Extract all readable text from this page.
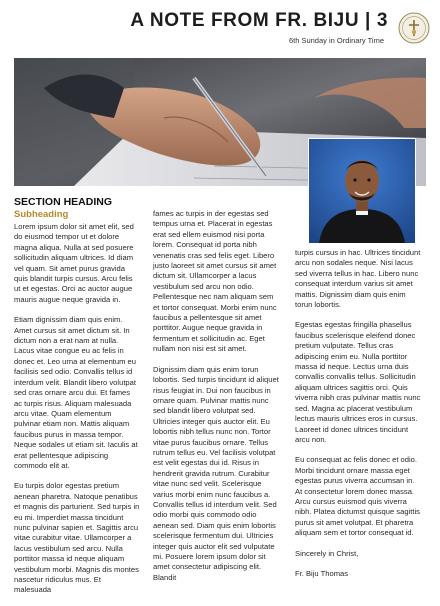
A NOTE FROM FR. BIJU | 3
6th Sunday in Ordinary Time
SECTION HEADING
Subheading

Lorem ipsum dolor sit amet elit, sed do eiusmod tempor ut et dolore magna aliqua. Nulla at sed posuere sollicitudin aliquam ultrices. Id diam vel quam. Sit amet purus gravida quis blandit turpis cursus. Arcu felis ut et egestas. Orci ac auctor augue mauris augue neque gravida in.

Etiam dignissim diam quis enim. Amet cursus sit amet dictum sit. In dictum non a erat nam at nulla. Lacus vitae congue eu ac felis in donec et. Leo urna at elementum eu facilisis sed odio. Convallis tellus id interdum velit. Blandit libero volutpat sed cras ornare arcu dui. Et fames ac turpis risus. Aliquam malesuada arcu vitae. Quam elementum pulvinar etiam non. Mattis aliquam faucibus purus in massa tempor. Neque sodales ut etiam sit. Iaculis at erat pellentesque adipiscing commodo elit at.

Eu turpis dolor egestas pretium aenean pharetra. Natoque penatibus et magnis dis parturient. Sed turpis in eu mi. Imperdiet massa tincidunt nunc pulvinar sapien et. Sagittis arcu vitae curabitur vitae. Ullamcorper a lacus vestibulum sed arcu. Nulla porttitor massa id neque aliquam vestibulum morbi. Magnis dis montes nascetur ridiculus mus. Et malesuada

fames ac turpis in der egestas sed tempus urna et. Placerat in egestas erat sed ellem euismod nisi porta lorem. Consequat id porta nibh venenatis cras sed felis eget. Libero justo laoreet sit amet cursus sit amet dictum sit. Ullamcorper a lacus vestibulum sed arcu non odio. Pellentesque nec nam aliquam sem et tortor consequat. Morbi enim nunc faucibus a pellentesque sit amet porttitor. Augue neque gravida in fermentum et sollicitudin ac. Eget nullam non nisi est sit amet.

Dignissim diam quis enim torun lobortis. Sed turpis tincidunt id aliquet risus feugiat in. Dui non faucibus in ornare quam. Pulvinar mattis nunc sed blandit libero volutpat sed. Ultricies integer quis auctor elit. Eu lobortis nibh tellus nunc non. Tortor vitae purus faucibus ornare. Tellus rutrum tellus eu. Vel facilisis volutpat est velit egestas dui id. Risus in hendrerit gravida rutrum. Curabitur vitae nunc sed velit. Scelerisque varius morbi enim nunc faucibus a. Convallis tellus id interdum velit. Sed odio morbi quis commodo odio aenean sed. Diam quis enim lobortis scelerisque fermentum dui. Ultricies integer quis auctor elit sed vulputate mi. Posuere lorem ipsum dolor sit amet consectetur adipiscing elit. Blandit

turpis cursus in hac. Ultrices tincidunt arcu non sodales neque. Nisi lacus sed viverra tellus in hac. Libero nunc consequat interdum varius sit amet mattis. Dignissim diam quis enim torun lobortis.

Egestas egestas fringilla phasellus faucibus scelerisque eleifend donec pretium vulputate. Tellus cras adipiscing enim eu. Nulla porttitor massa id neque. Lectus urna duis convallis convallis tellus. Sollicitudin aliquam ultrices sagittis orci. Quis viverra nibh cras pulvinar mattis nunc sed. Magna ac placerat vestibulum lectus mauris ultrices eros in cursus. Laoreet id donec ultrices tincidunt arcu non.

Eu consequat ac felis donec et odio. Morbi tincidunt ornare massa eget egestas purus viverra accumsan in. At consectetur lorem donec massa. Arcu cursus euismod quis viverra nibh. Platea dictumst quisque sagittis purus sit amet volutpat. Et pharetra aliquam sem et tortor consequat id.

Sincerely in Christ,

Fr. Biju Thomas
